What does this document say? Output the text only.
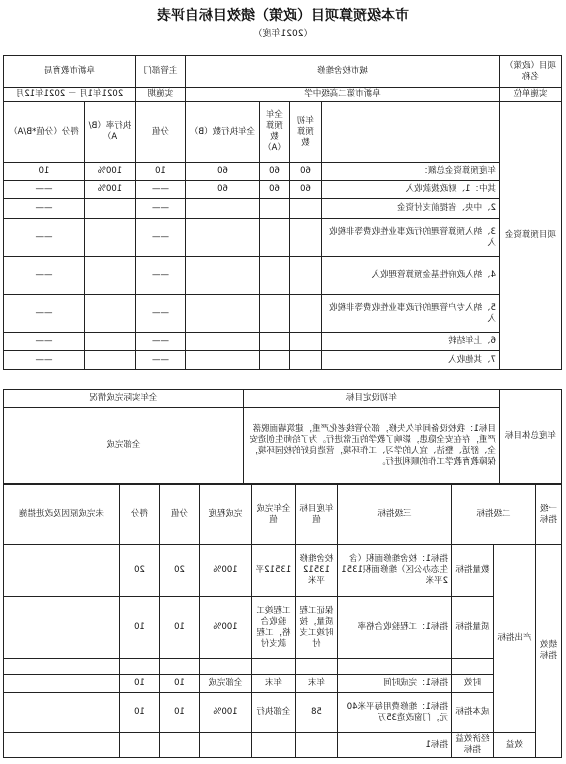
市本级预算项目（政策）绩效目标自评表
（2021年度）
项目（政策）名称	城市校舍维修				主管部门	阜新市教育局	
实施单位	阜新市第二高级中学				实施期	2021年1月 － 2021年12月	
项目预算资金		年初预算数	全年预算数（A）	全年执行数（B）	分值	执行率（B/A）	得分（分值*B/A）
	年度预算资金总额：	60	60	60	10	100%	10
	其中：1、财政拨款收入	60	60	60	——	100%	——
	2、中央、省提前支付资金				——		——
	3、纳入预算管理的行政事业性收费等非税收入				——		——
	4、纳入政府性基金预算管理收入				——		——
	5、纳入专户管理的行政事业性收费等非税收入				——		——
	6、上年结转				——		——
	7、其他收入				——		——
年度总体目标	年初设定目标	全年实际完成情况
	目标1：我校设备间年久失修，部分管线老化严重，建筑墙面脱落严重，存在安全隐患，影响了教学的正常进行。为了给师生创造安全、舒适、整洁、宜人的学习、工作环境，营造良好的校园环境，保障教育教学工作的顺利进行。	全部完成
一级指标	二级指标		三级指标	年度目标值	全年完成值	完成程度	分值	得分	未完成原因及改进措施
绩效指标	产出指标	数量指标	指标1：校舍维修面积（含生态办公区）维修面积13512平米	校舍维修13512平米	13512平	100%	20	20	
		质量指标	指标1：工程验收合格率	保证工程质量，按时竣工支付	工程竣工验收合格，工程款支付	100%	10	10	

		时效	指标1：完成时间	年末	年末	全部完成	10	10	
		成本指标	指标1：维修费用每平米40元，门窗改造35万	58	全部执行	100%	10	10	
	效益	经济效益指标	指标1						
